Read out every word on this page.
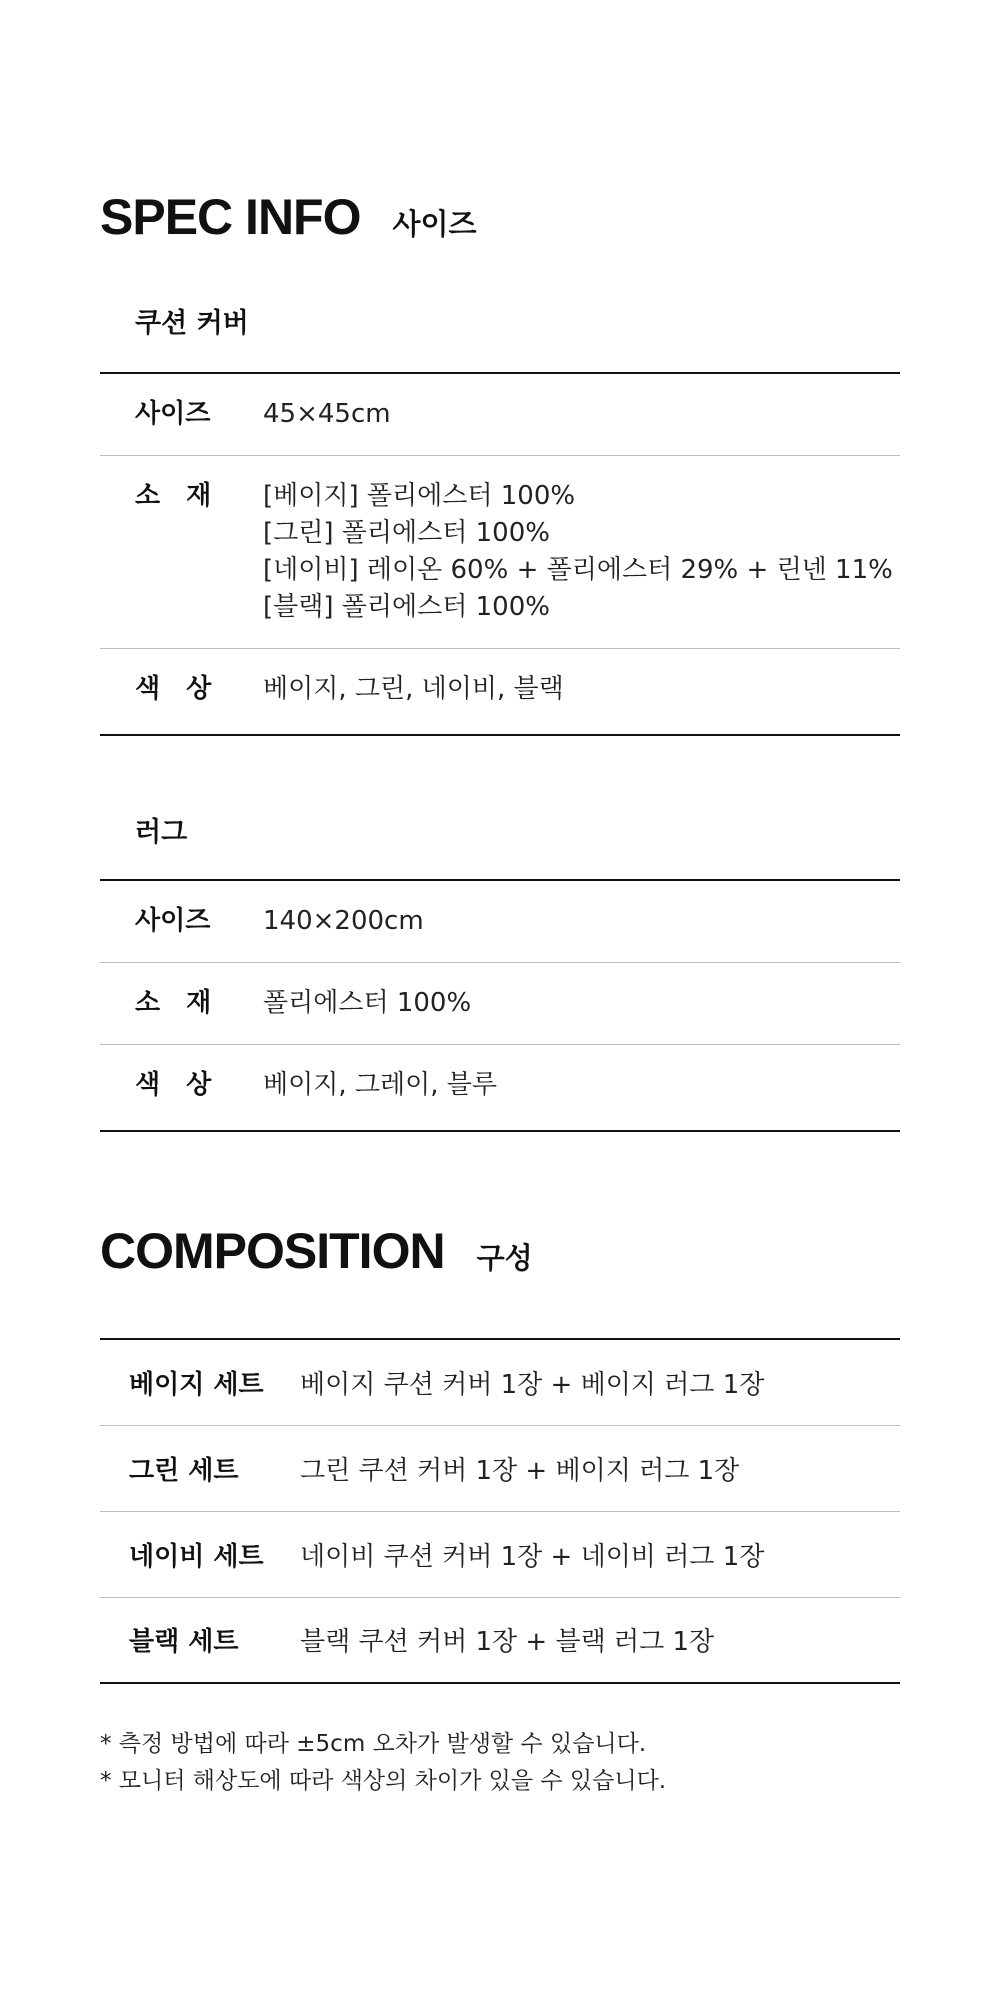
SPEC INFO 사이즈
쿠션 커버
사이즈	45×45cm

소　재	[베이지] 폴리에스터 100%
[그린] 폴리에스터 100%
[네이비] 레이온 60% + 폴리에스터 29% + 린넨 11%
[블랙] 폴리에스터 100%

색　상	베이지, 그린, 네이비, 블랙
러그
사이즈	140×200cm

소　재	폴리에스터 100%

색　상	베이지, 그레이, 블루
COMPOSITION 구성
베이지 세트	베이지 쿠션 커버 1장 + 베이지 러그 1장
그린 세트	그린 쿠션 커버 1장 + 베이지 러그 1장
네이비 세트	네이비 쿠션 커버 1장 + 네이비 러그 1장
블랙 세트	블랙 쿠션 커버 1장 + 블랙 러그 1장
* 측정 방법에 따라 ±5cm 오차가 발생할 수 있습니다.
* 모니터 해상도에 따라 색상의 차이가 있을 수 있습니다.
